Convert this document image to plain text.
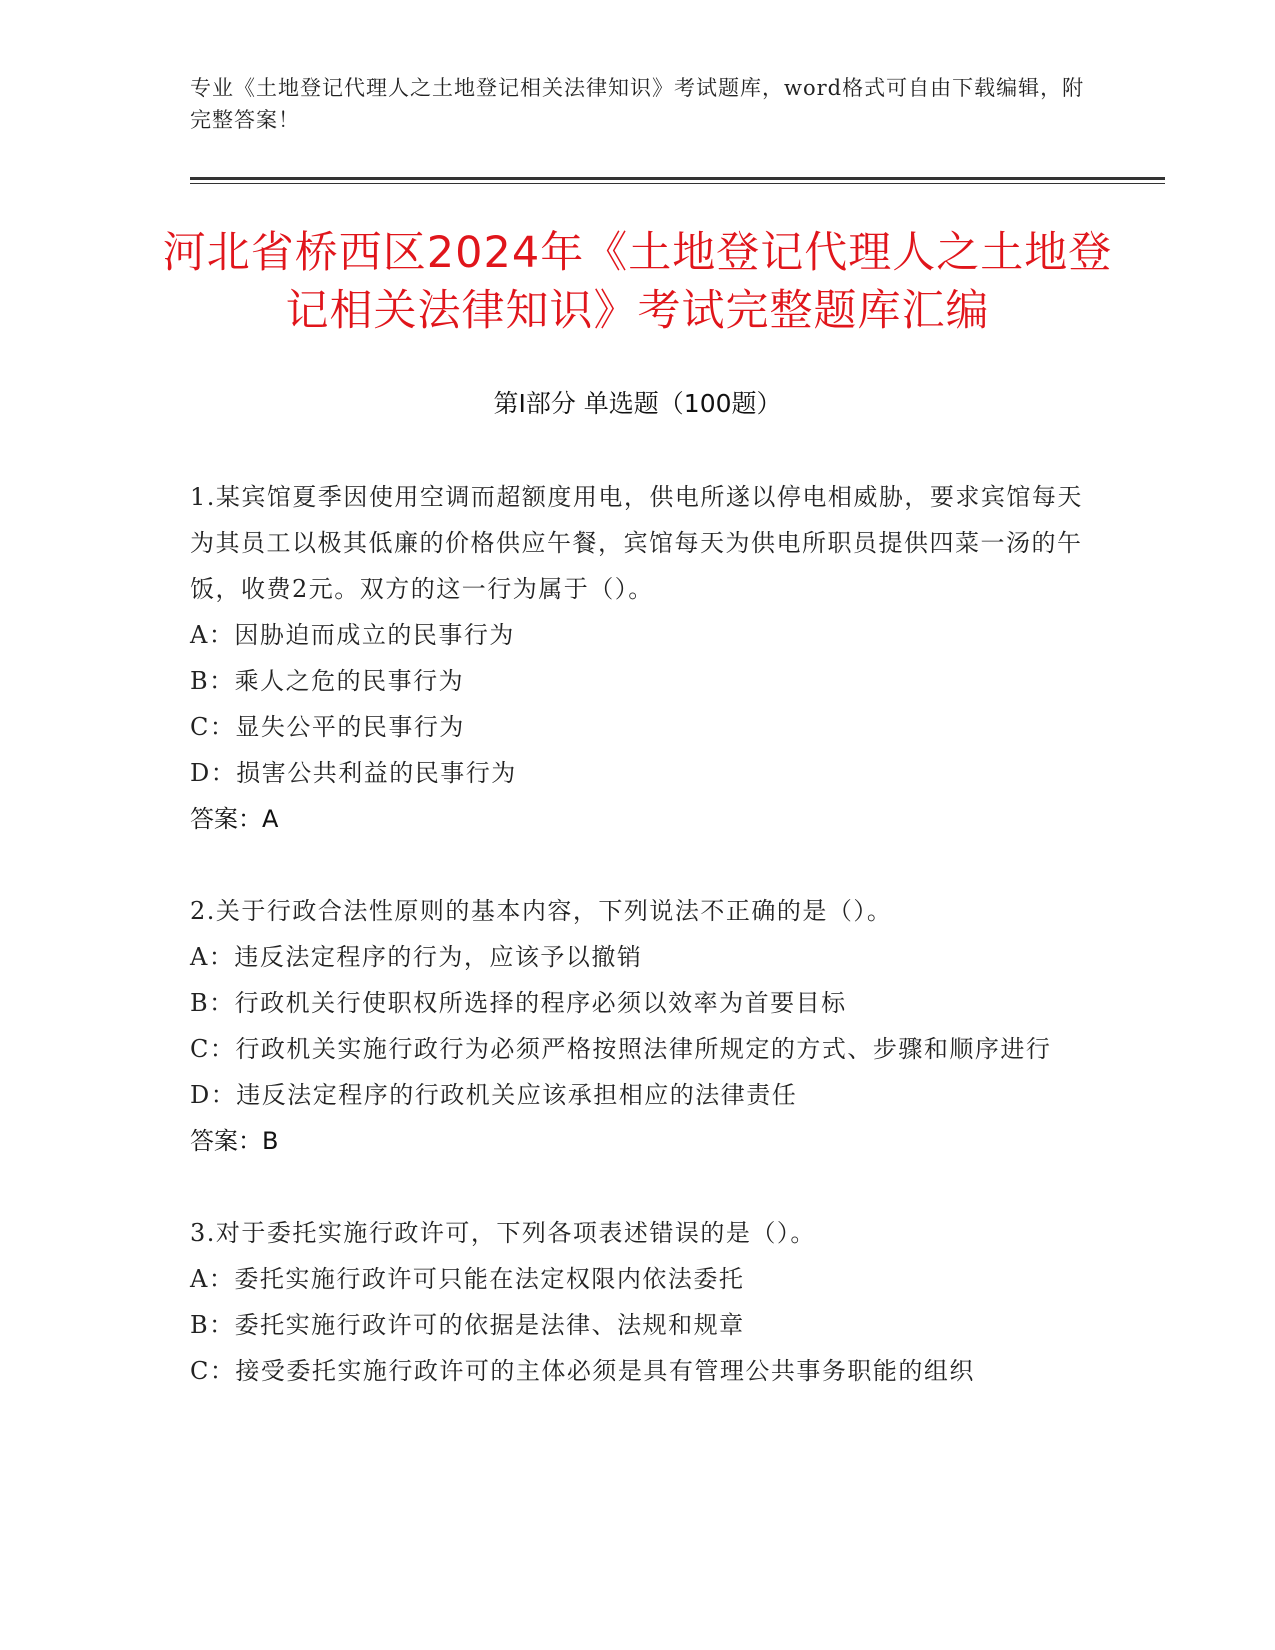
专业《土地登记代理人之土地登记相关法律知识》考试题库，word格式可自由下载编辑，附完整答案！
河北省桥西区2024年《土地登记代理人之土地登记相关法律知识》考试完整题库汇编
第Ⅰ部分 单选题（100题）
1.某宾馆夏季因使用空调而超额度用电，供电所遂以停电相威胁，要求宾馆每天为其员工以极其低廉的价格供应午餐，宾馆每天为供电所职员提供四菜一汤的午饭，收费2元。双方的这一行为属于（）。
A：因胁迫而成立的民事行为
B：乘人之危的民事行为
C：显失公平的民事行为
D：损害公共利益的民事行为
答案：A
2.关于行政合法性原则的基本内容，下列说法不正确的是（）。
A：违反法定程序的行为，应该予以撤销
B：行政机关行使职权所选择的程序必须以效率为首要目标
C：行政机关实施行政行为必须严格按照法律所规定的方式、步骤和顺序进行
D：违反法定程序的行政机关应该承担相应的法律责任
答案：B
3.对于委托实施行政许可，下列各项表述错误的是（）。
A：委托实施行政许可只能在法定权限内依法委托
B：委托实施行政许可的依据是法律、法规和规章
C：接受委托实施行政许可的主体必须是具有管理公共事务职能的组织
